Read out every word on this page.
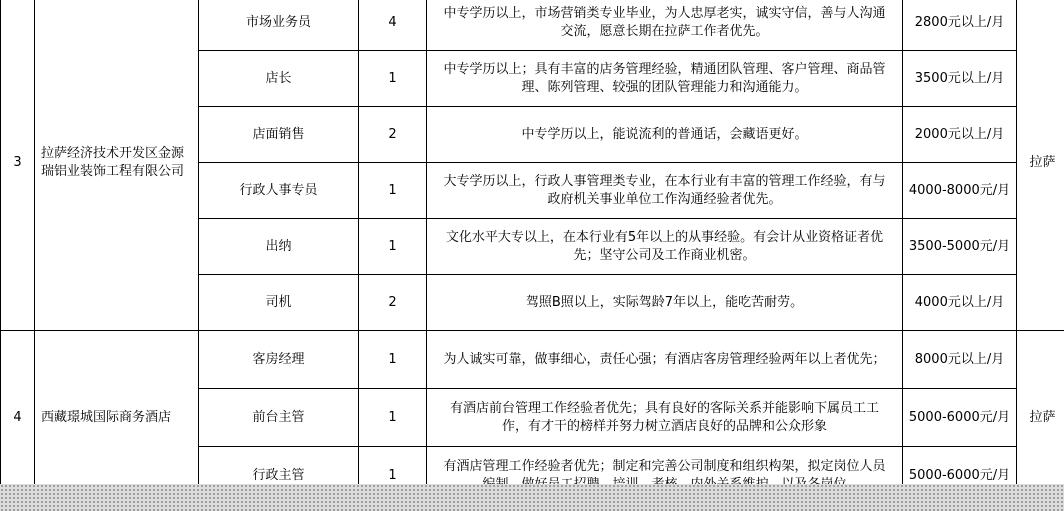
3	拉萨经济技术开发区金源瑞铝业装饰工程有限公司	市场业务员	4	中专学历以上，市场营销类专业毕业，为人忠厚老实，诚实守信，善与人沟通交流，愿意长期在拉萨工作者优先。	2800元以上/月	拉萨
		店长	1	中专学历以上；具有丰富的店务管理经验，精通团队管理、客户管理、商品管理、陈列管理、较强的团队管理能力和沟通能力。	3500元以上/月	
		店面销售	2	中专学历以上，能说流利的普通话，会藏语更好。	2000元以上/月	
		行政人事专员	1	大专学历以上，行政人事管理类专业，在本行业有丰富的管理工作经验，有与政府机关事业单位工作沟通经验者优先。	4000-8000元/月	
		出纳	1	文化水平大专以上，在本行业有5年以上的从事经验。有会计从业资格证者优先；坚守公司及工作商业机密。	3500-5000元/月	
		司机	2	驾照B照以上，实际驾龄7年以上，能吃苦耐劳。	4000元以上/月	
4	西藏璟城国际商务酒店	客房经理	1	为人诚实可靠，做事细心，责任心强；有酒店客房管理经验两年以上者优先；	8000元以上/月	拉萨
		前台主管	1	有酒店前台管理工作经验者优先；具有良好的客际关系并能影响下属员工工作，有才干的榜样并努力树立酒店良好的品牌和公众形象	5000-6000元/月	
		行政主管	1	有酒店管理工作经验者优先；制定和完善公司制度和组织构架，拟定岗位人员	5000-6000元/月	
